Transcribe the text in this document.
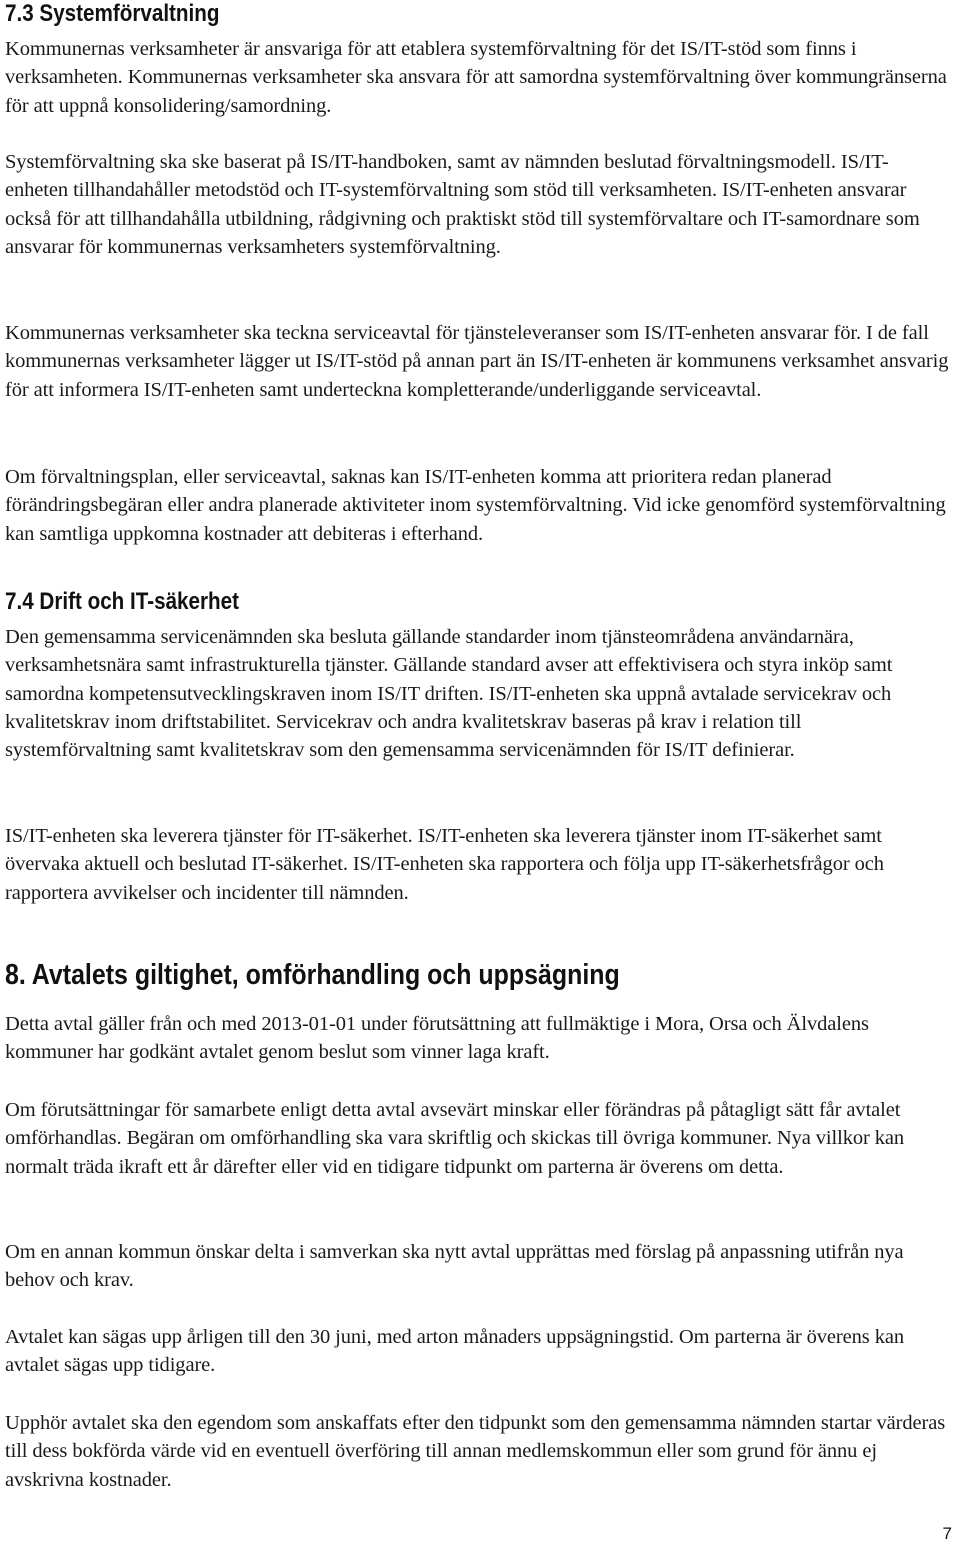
7.3 Systemförvaltning

Kommunernas verksamheter är ansvariga för att etablera systemförvaltning för det IS/IT-stöd som finns i verksamheten. Kommunernas verksamheter ska ansvara för att samordna systemförvaltning över kommungränserna för att uppnå konsolidering/samordning.

Systemförvaltning ska ske baserat på IS/IT-handboken, samt av nämnden beslutad förvaltningsmodell. IS/IT-enheten tillhandahåller metodstöd och IT-systemförvaltning som stöd till verksamheten. IS/IT-enheten ansvarar också för att tillhandahålla utbildning, rådgivning och praktiskt stöd till systemförvaltare och IT-samordnare som ansvarar för kommunernas verksamheters systemförvaltning.

Kommunernas verksamheter ska teckna serviceavtal för tjänsteleveranser som IS/IT-enheten ansvarar för. I de fall kommunernas verksamheter lägger ut IS/IT-stöd på annan part än IS/IT-enheten är kommunens verksamhet ansvarig för att informera IS/IT-enheten samt underteckna kompletterande/underliggande serviceavtal.

Om förvaltningsplan, eller serviceavtal, saknas kan IS/IT-enheten komma att prioritera redan planerad förändringsbegäran eller andra planerade aktiviteter inom systemförvaltning. Vid icke genomförd systemförvaltning kan samtliga uppkomna kostnader att debiteras i efterhand.

7.4 Drift och IT-säkerhet

Den gemensamma servicenämnden ska besluta gällande standarder inom tjänsteområdena användarnära, verksamhetsnära samt infrastrukturella tjänster. Gällande standard avser att effektivisera och styra inköp samt samordna kompetensutvecklingskraven inom IS/IT driften. IS/IT-enheten ska uppnå avtalade servicekrav och kvalitetskrav inom driftstabilitet. Servicekrav och andra kvalitetskrav baseras på krav i relation till systemförvaltning samt kvalitetskrav som den gemensamma servicenämnden för IS/IT definierar.

IS/IT-enheten ska leverera tjänster för IT-säkerhet. IS/IT-enheten ska leverera tjänster inom IT-säkerhet samt övervaka aktuell och beslutad IT-säkerhet. IS/IT-enheten ska rapportera och följa upp IT-säkerhetsfrågor och rapportera avvikelser och incidenter till nämnden.

8. Avtalets giltighet, omförhandling och uppsägning

Detta avtal gäller från och med 2013-01-01 under förutsättning att fullmäktige i Mora, Orsa och Älvdalens kommuner har godkänt avtalet genom beslut som vinner laga kraft.

Om förutsättningar för samarbete enligt detta avtal avsevärt minskar eller förändras på påtagligt sätt får avtalet omförhandlas. Begäran om omförhandling ska vara skriftlig och skickas till övriga kommuner. Nya villkor kan normalt träda ikraft ett år därefter eller vid en tidigare tidpunkt om parterna är överens om detta.

Om en annan kommun önskar delta i samverkan ska nytt avtal upprättas med förslag på anpassning utifrån nya behov och krav.

Avtalet kan sägas upp årligen till den 30 juni, med arton månaders uppsägningstid. Om parterna är överens kan avtalet sägas upp tidigare.

Upphör avtalet ska den egendom som anskaffats efter den tidpunkt som den gemensamma nämnden startar värderas till dess bokförda värde vid en eventuell överföring till annan medlemskommun eller som grund för ännu ej avskrivna kostnader.

7
